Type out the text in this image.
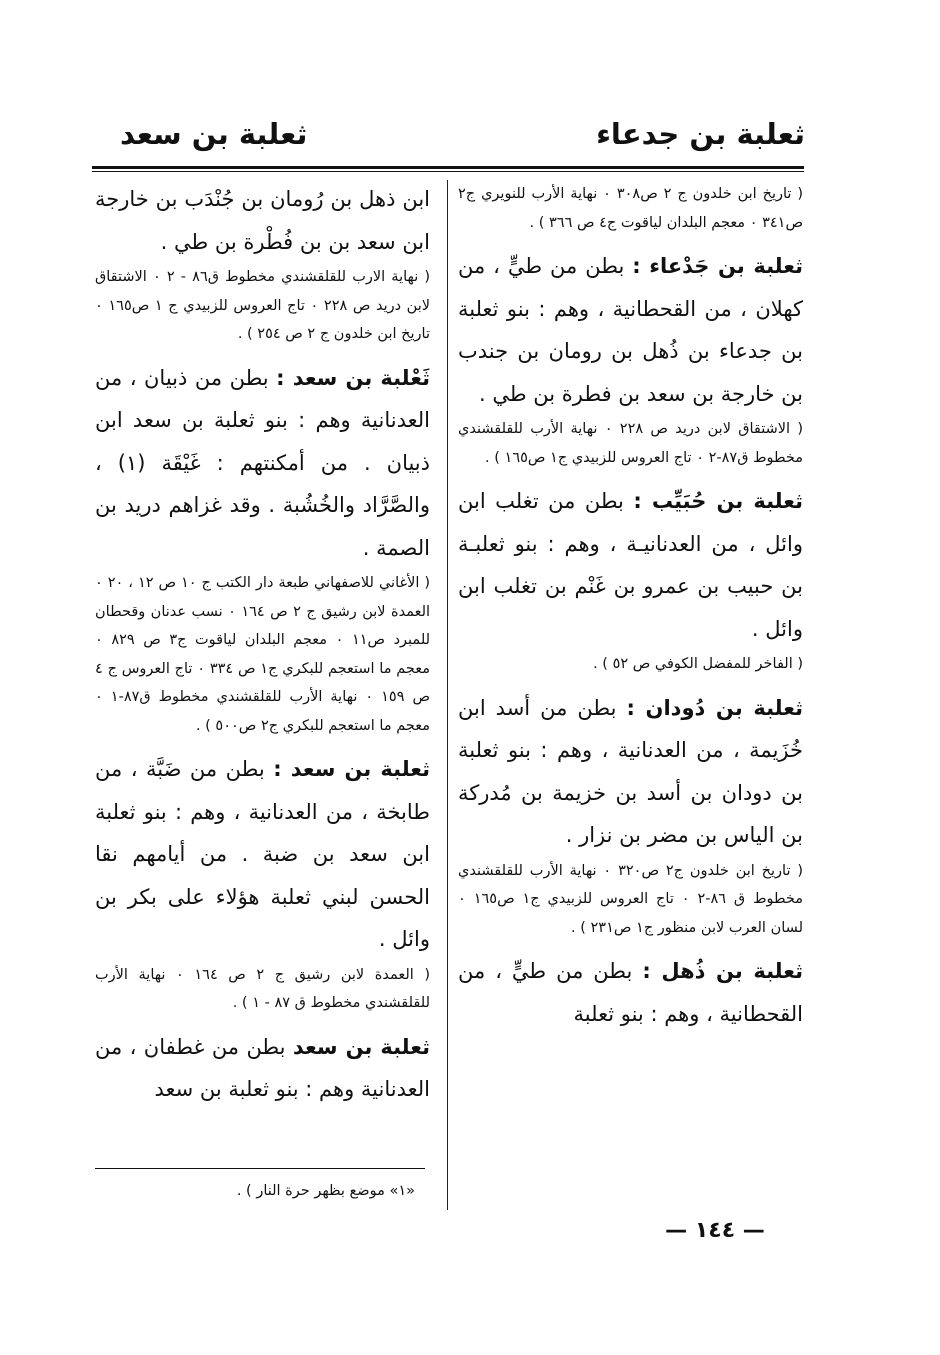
ثعلبة بن جدعاء
ثعلبة بن سعد

( تاريخ ابن خلدون ج ٢ ص٣٠٨ ٠ نهاية الأرب للنويري ج٢ ص٣٤١ ٠ معجم البلدان لياقوت ج٤ ص ٣٦٦ ) .

ثعلبة بن جَدْعاء : بطن من طيٍّ ، من كهلان ، من القحطانية ، وهم : بنو ثعلبة بن جدعاء بن ذُهل بن رومان بن جندب بن خارجة بن سعد بن فطرة بن طي .

( الاشتقاق لابن دريد ص ٢٢٨ ٠ نهاية الأرب للقلقشندي مخطوط ق٨٧-٢ ٠ تاج العروس للزبيدي ج١ ص١٦٥ ) .

ثعلبة بن حُبَيِّب : بطن من تغلب ابن وائل ، من العدنانيـة ، وهم : بنو ثعلبـة بن حبيب بن عمرو بن غَنْم بن تغلب ابن وائل .

( الفاخر للمفضل الكوفي ص ٥٢ ) .

ثعلبة بن دُودان : بطن من أسد ابن خُزَيمة ، من العدنانية ، وهم : بنو ثعلبة بن دودان بن أسد بن خزيمة بن مُدركة بن الياس بن مضر بن نزار .

( تاريخ ابن خلدون ج٢ ص٣٢٠ ٠ نهاية الأرب للقلقشندي مخطوط ق ٨٦-٢ ٠ تاج العروس للزبيدي ج١ ص١٦٥ ٠ لسان العرب لابن منظور ج١ ص٢٣١ ) .

ثعلبة بن ذُهل : بطن من طيٍّ ، من القحطانية ، وهم : بنو ثعلبة

ابن ذهل بن رُومان بن جُنْدَب بن خارجة ابن سعد بن بن فُطْرة بن طي .

( نهاية الارب للقلقشندي مخطوط ق٨٦ - ٢ ٠ الاشتقاق لابن دريد ص ٢٢٨ ٠ تاج العروس للزبيدي ج ١ ص١٦٥ ٠ تاريخ ابن خلدون ج ٢ ص ٢٥٤ ) .

ثَعْلبة بن سعد : بطن من ذبيان ، من العدنانية وهم : بنو ثعلبة بن سعد ابن ذبيان . من أمكنتهم : غَيْقَة (١) ، والصَّرَّاد والخُشُبة . وقد غزاهم دريد بن الصمة .

( الأغاني للاصفهاني طبعة دار الكتب ج ١٠ ص ١٢ ، ٢٠ ٠ العمدة لابن رشيق ج ٢ ص ١٦٤ ٠ نسب عدنان وقحطان للمبرد ص١١ ٠ معجم البلدان لياقوت ج٣ ص ٨٢٩ ٠ معجم ما استعجم للبكري ج١ ص ٣٣٤ ٠ تاج العروس ج ٤ ص ١٥٩ ٠ نهاية الأرب للقلقشندي مخطوط ق٨٧-١ ٠ معجم ما استعجم للبكري ج٢ ص٥٠٠ ) .

ثعلبة بن سعد : بطن من ضَبَّة ، من طابخة ، من العدنانية ، وهم : بنو ثعلبة ابن سعد بن ضبة . من أيامهم نقا الحسن لبني ثعلبة هؤلاء على بكر بن وائل .

( العمدة لابن رشيق ج ٢ ص ١٦٤ ٠ نهاية الأرب للقلقشندي مخطوط ق ٨٧ - ١ ) .

ثعلبة بن سعد بطن من غطفان ، من العدنانية وهم : بنو ثعلبة بن سعد

«١» موضع بظهر حرة النار ) .
— ١٤٤ —
